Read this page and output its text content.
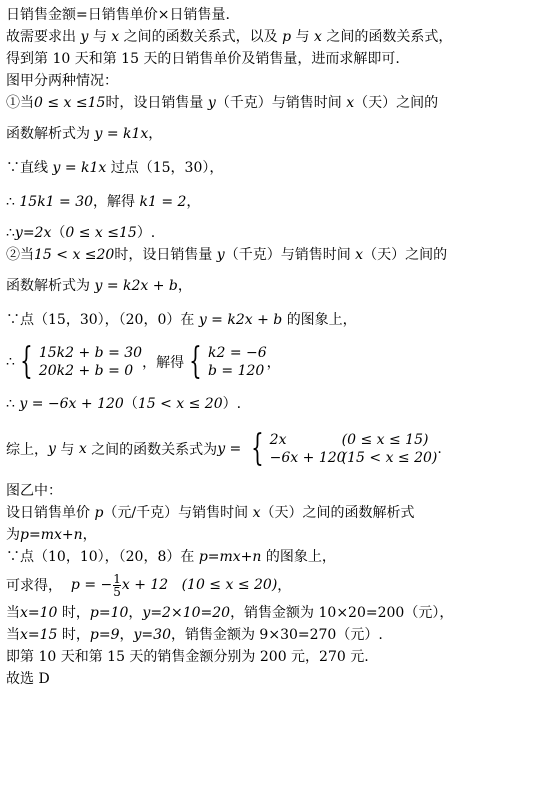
日销售金额=日销售单价×日销售量.
故需要求出 y 与 x 之间的函数关系式，以及 p 与 x 之间的函数关系式，
得到第 10 天和第 15 天的日销售单价及销售量，进而求解即可.
图甲分两种情况：
①当0 ≤ x ≤15时，设日销售量 y（千克）与销售时间 x（天）之间的
函数解析式为 y = k1x，
∵直线 y = k1x 过点（15，30），
∴ 15k1 = 30，解得 k1 = 2，
∴y=2x（0 ≤ x ≤15）.
②当15 < x ≤20时，设日销售量 y（千克）与销售时间 x（天）之间的
函数解析式为 y = k2x + b，
∵点（15，30），（20，0）在 y = k2x + b 的图象上，
∴ { 15k2 + b = 30
20k2 + b = 0 ，解得 { k2 = −6
b = 120 ，
∴ y = −6x + 120（15 < x ≤ 20）.
综上， y
与
x
之间的函数关系式为 y = { 2x	(0 ≤ x ≤ 15)
−6x + 120(15 < x ≤ 20)
.
图乙中：
设日销售单价 p（元/千克）与销售时间 x（天）之间的函数解析式
为p=mx+n，
∵点（10，10），（20，8）在 p=mx+n 的图象上，
可求得，
p = − $\frac{1}{5}$ x + 12
(10 ≤ x ≤ 20) ，
当x=10 时，p=10，y=2×10=20，销售金额为 10×20=200（元），
当x=15 时，p=9，y=30，销售金额为 9×30=270（元）.
即第 10 天和第 15 天的销售金额分别为 200 元，270 元.
故选 D
